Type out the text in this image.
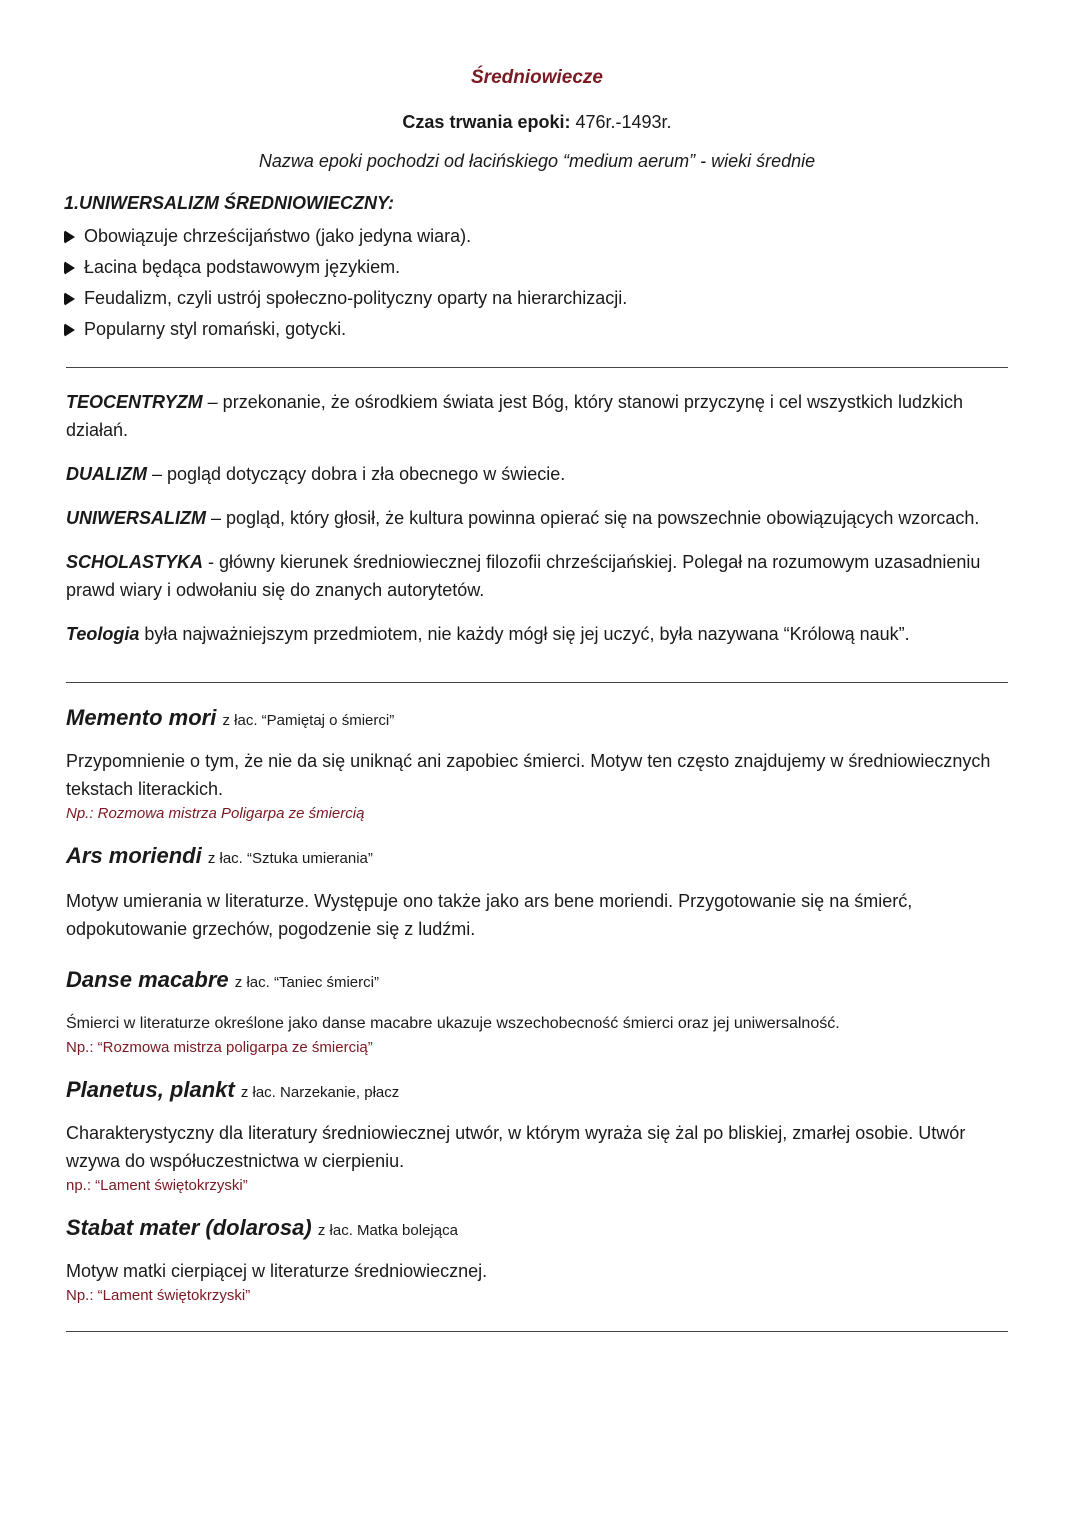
Średniowiecze
Czas trwania epoki: 476r.-1493r.
Nazwa epoki pochodzi od łacińskiego “medium aerum” - wieki średnie
1.UNIWERSALIZM ŚREDNIOWIECZNY:
Obowiązuje chrześcijaństwo (jako jedyna wiara).
Łacina będąca podstawowym językiem.
Feudalizm, czyli ustrój społeczno-polityczny oparty na hierarchizacji.
Popularny styl romański, gotycki.

TEOCENTRYZM – przekonanie, że ośrodkiem świata jest Bóg, który stanowi przyczynę i cel wszystkich ludzkich działań.

DUALIZM – pogląd dotyczący dobra i zła obecnego w świecie.

UNIWERSALIZM – pogląd, który głosił, że kultura powinna opierać się na powszechnie obowiązujących wzorcach.

SCHOLASTYKA - główny kierunek średniowiecznej filozofii chrześcijańskiej. Polegał na rozumowym uzasadnieniu prawd wiary i odwołaniu się do znanych autorytetów.

Teologia była najważniejszym przedmiotem, nie każdy mógł się jej uczyć, była nazywana “Królową nauk”.

Memento mori z łac. “Pamiętaj o śmierci”

Przypomnienie o tym, że nie da się uniknąć ani zapobiec śmierci. Motyw ten często znajdujemy w średniowiecznych tekstach literackich.

Np.: Rozmowa mistrza Poligarpa ze śmiercią

Ars moriendi z łac. “Sztuka umierania”

Motyw umierania w literaturze. Występuje ono także jako ars bene moriendi. Przygotowanie się na śmierć, odpokutowanie grzechów, pogodzenie się z ludźmi.

Danse macabre z łac. “Taniec śmierci”

Śmierci w literaturze określone jako danse macabre ukazuje wszechobecność śmierci oraz jej uniwersalność.

Np.: “Rozmowa mistrza poligarpa ze śmiercią”

Planetus, plankt z łac. Narzekanie, płacz

Charakterystyczny dla literatury średniowiecznej utwór, w którym wyraża się żal po bliskiej, zmarłej osobie. Utwór wzywa do współuczestnictwa w cierpieniu.

np.: “Lament świętokrzyski”

Stabat mater (dolarosa) z łac. Matka bolejąca

Motyw matki cierpiącej w literaturze średniowiecznej.

Np.: “Lament świętokrzyski”
